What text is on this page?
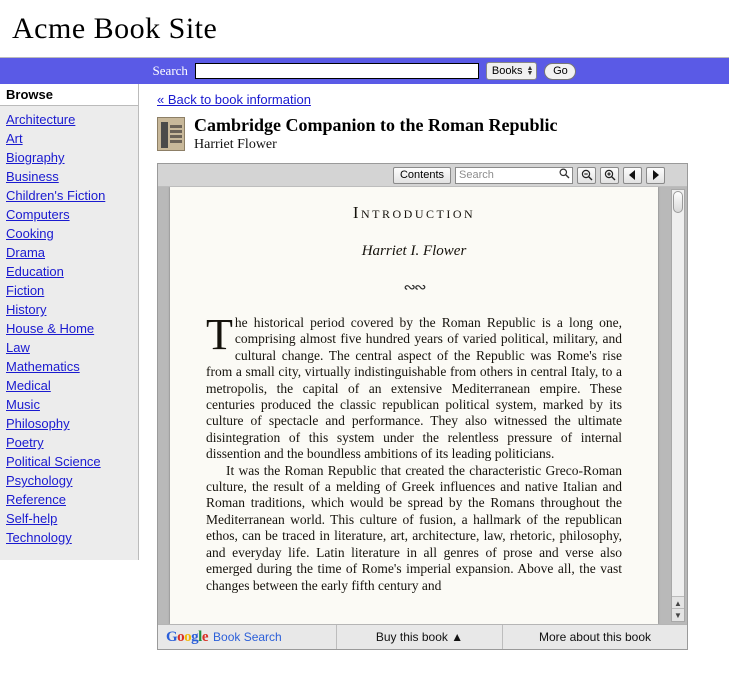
Acme Book Site
Search	Books ▲
▼	Go
Browse
Architecture
Art
Biography
Business
Children's Fiction
Computers
Cooking
Drama
Education
Fiction
History
House & Home
Law
Mathematics
Medical
Music
Philosophy
Poetry
Political Science
Psychology
Reference
Self-help
Technology
« Back to book information
Cambridge Companion to the Roman Republic

Harriet Flower

Contents	Search
Introduction
Harriet I. Flower
∾∾

The historical period covered by the Roman Republic is a long one, comprising almost five hundred years of varied political, military, and cultural change. The central aspect of the Republic was Rome's rise from a small city, virtually indistinguishable from others in central Italy, to a metropolis, the capital of an extensive Mediterranean empire. These centuries produced the classic republican political system, marked by its culture of spectacle and performance. They also witnessed the ultimate disintegration of this system under the relentless pressure of internal dissention and the boundless ambitions of its leading politicians.

It was the Roman Republic that created the characteristic Greco-Roman culture, the result of a melding of Greek influences and native Italian and Roman traditions, which would be spread by the Romans throughout the Mediterranean world. This culture of fusion, a hallmark of the republican ethos, can be traced in literature, art, architecture, law, rhetoric, philosophy, and everyday life. Latin literature in all genres of prose and verse also emerged during the time of Rome's imperial expansion. Above all, the vast changes between the early fifth century and

▲
▼
Google Book Search	Buy this book ▲	More about this book
